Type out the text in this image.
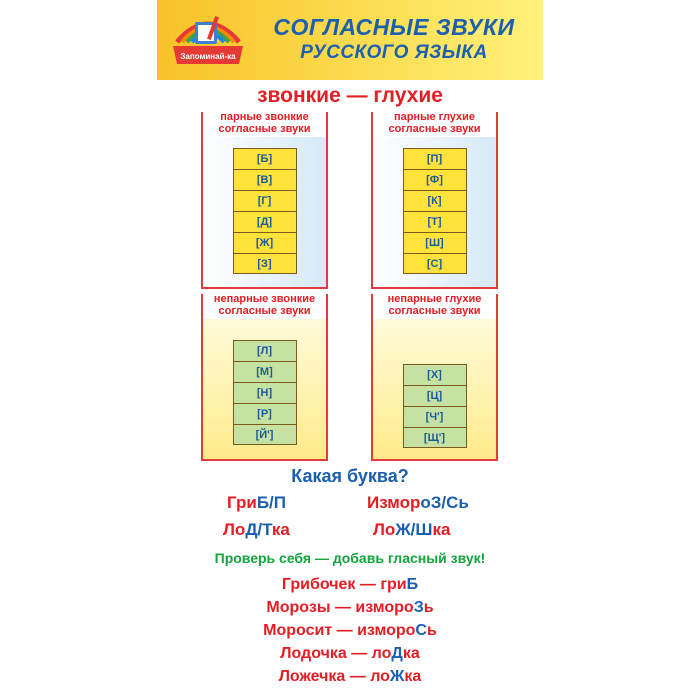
Запоминай-ка
СОГЛАСНЫЕ ЗВУКИ
РУССКОГО ЯЗЫКА
звонкие — глухие
парные звонкие
согласные звуки
[Б]
[В]
[Г]
[Д]
[Ж]
[З]
парные глухие
согласные звуки
[П]
[Ф]
[К]
[Т]
[Ш]
[С]
непарные звонкие
согласные звуки
[Л]
[М]
[Н]
[Р]
[Й']
непарные глухие
согласные звуки
[Х]
[Ц]
[Ч']
[Щ']
Какая буква?
ГриБ/П	ИзмороЗ/Сь
ЛоД/Тка	ЛоЖ/Шка
Проверь себя — добавь гласный звук!
Грибочек — гриБ
Морозы — измороЗь
Моросит — измороСь
Лодочка — лоДка
Ложечка — лоЖка
